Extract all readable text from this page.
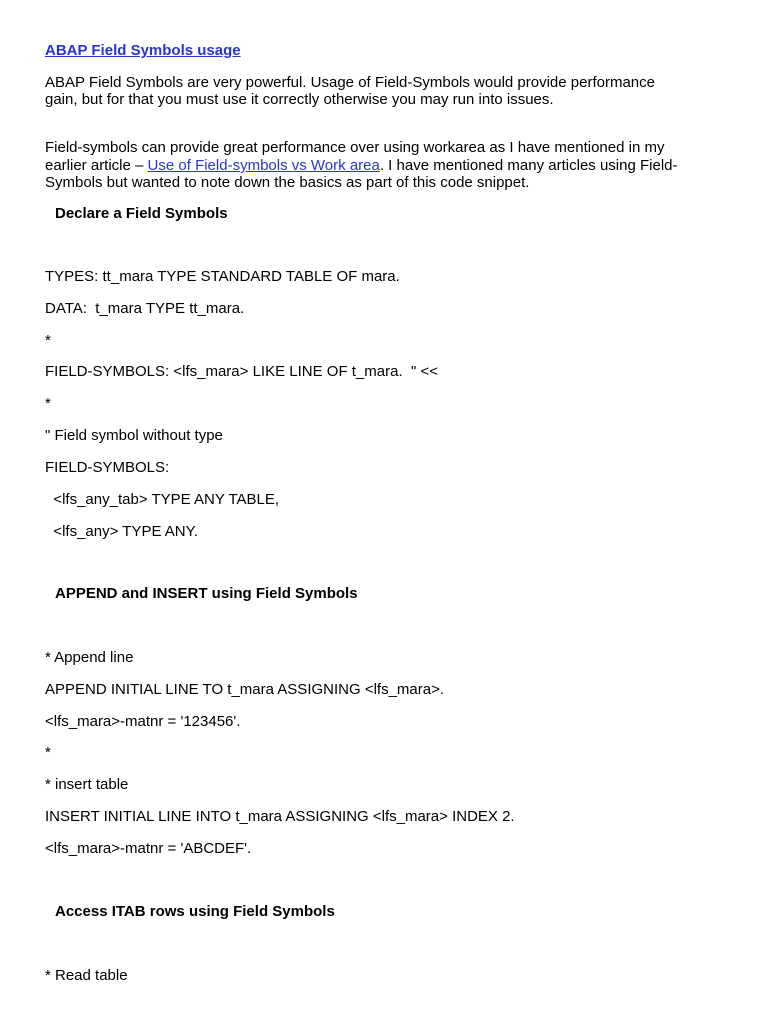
ABAP Field Symbols usage
ABAP Field Symbols are very powerful. Usage of Field-Symbols would provide performance
gain, but for that you must use it correctly otherwise you may run into issues.
Field-symbols can provide great performance over using workarea as I have mentioned in my
earlier article – Use of Field-symbols vs Work area. I have mentioned many articles using Field-
Symbols but wanted to note down the basics as part of this code snippet.
Declare a Field Symbols
TYPES: tt_mara TYPE STANDARD TABLE OF mara.
DATA:  t_mara TYPE tt_mara.
*
FIELD-SYMBOLS: <lfs_mara> LIKE LINE OF t_mara.  " <<
*
" Field symbol without type
FIELD-SYMBOLS:
<lfs_any_tab> TYPE ANY TABLE,
<lfs_any> TYPE ANY.
APPEND and INSERT using Field Symbols
* Append line
APPEND INITIAL LINE TO t_mara ASSIGNING <lfs_mara>.
<lfs_mara>-matnr = '123456'.
*
* insert table
INSERT INITIAL LINE INTO t_mara ASSIGNING <lfs_mara> INDEX 2.
<lfs_mara>-matnr = 'ABCDEF'.
Access ITAB rows using Field Symbols
* Read table
